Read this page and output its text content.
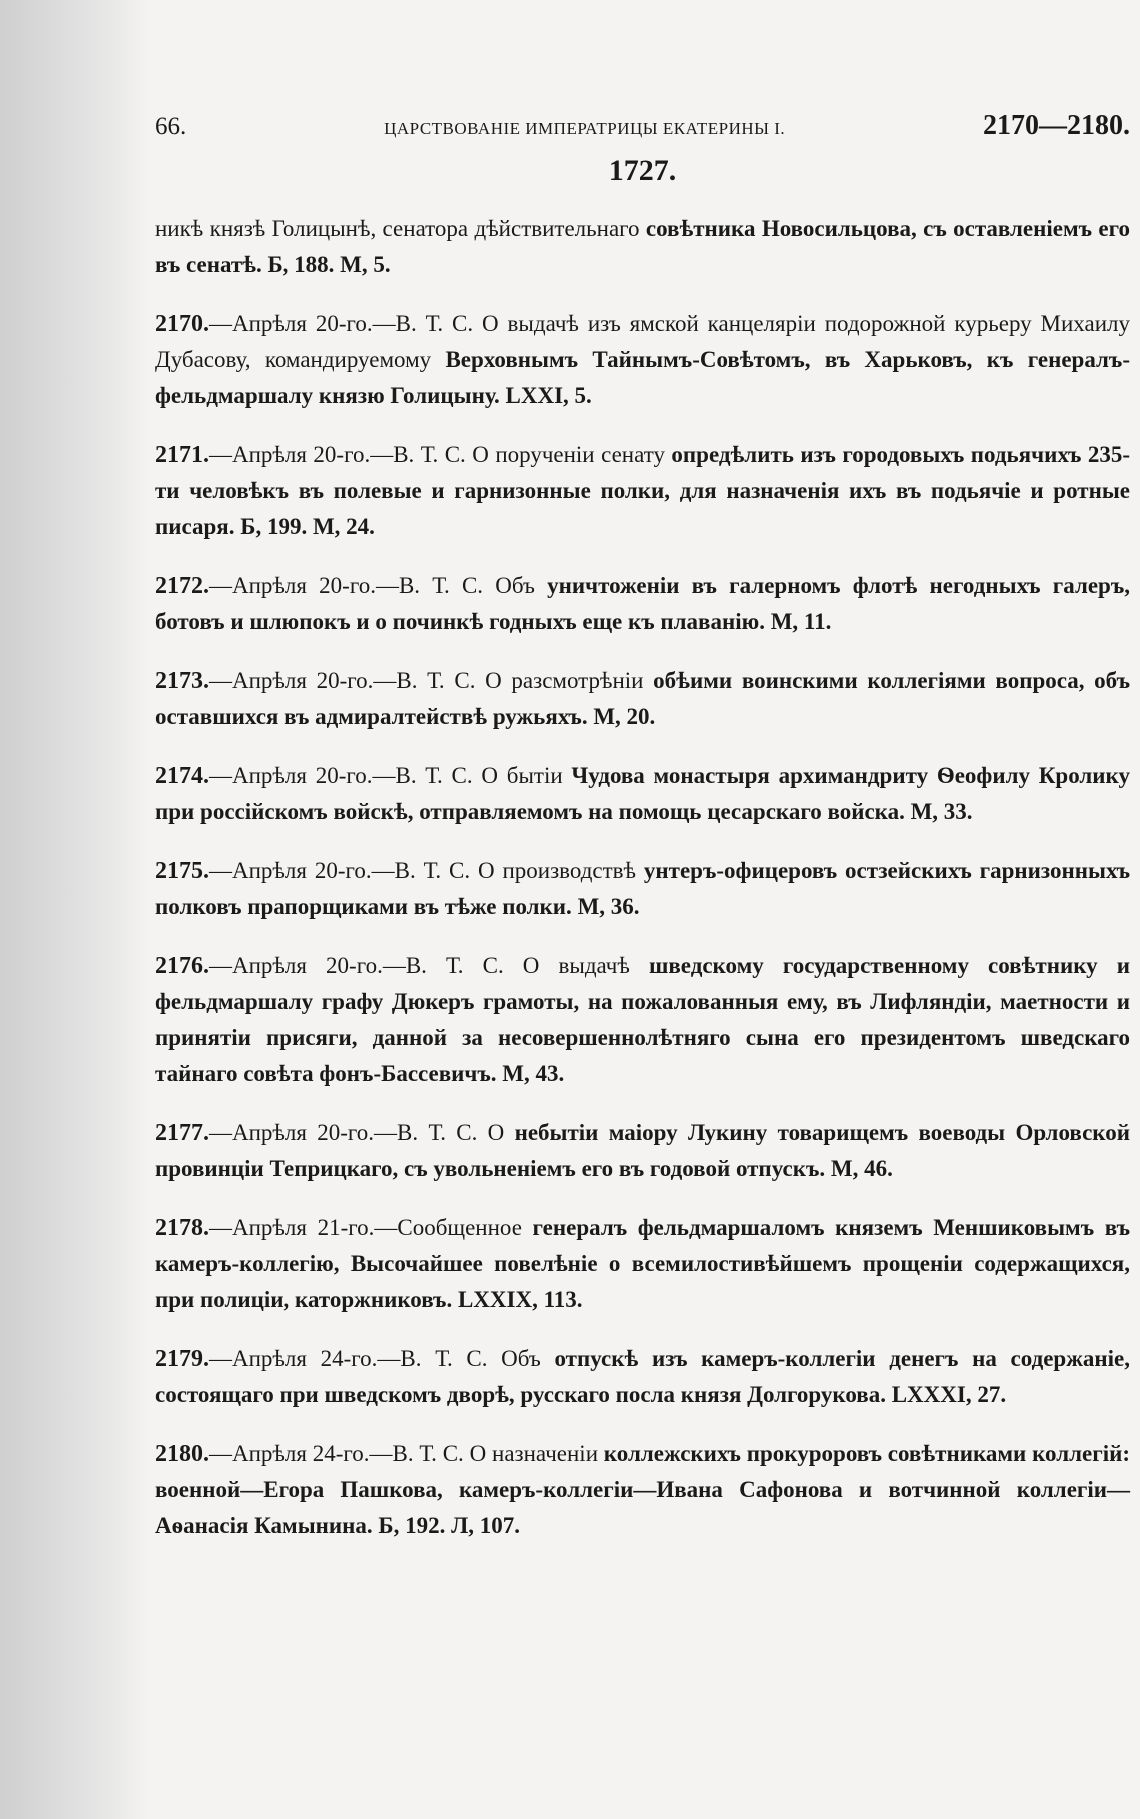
66.	ЦАРСТВОВАНІЕ ИМПЕРАТРИЦЫ ЕКАТЕРИНЫ I.	2170—2180.
1727.

никѣ князѣ Голицынѣ, сенатора дѣйствительнаго совѣтника Новосильцова, съ оставленіемъ его въ сенатѣ. Б, 188. М, 5.

2170.—Апрѣля 20-го.—В. Т. С. О выдачѣ изъ ямской канцеляріи подорожной курьеру Михаилу Дубасову, командируемому Верховнымъ Тайнымъ-Совѣтомъ, въ Харьковъ, къ генералъ-фельдмаршалу князю Голицыну. LXXI, 5.

2171.—Апрѣля 20-го.—В. Т. С. О порученіи сенату опредѣлить изъ городовыхъ подьячихъ 235-ти человѣкъ въ полевые и гарнизонные полки, для назначенія ихъ въ подьячіе и ротные писаря. Б, 199. М, 24.

2172.—Апрѣля 20-го.—В. Т. С. Объ уничтоженіи въ галерномъ флотѣ негодныхъ галеръ, ботовъ и шлюпокъ и о починкѣ годныхъ еще къ плаванію. М, 11.

2173.—Апрѣля 20-го.—В. Т. С. О разсмотрѣніи обѣими воинскими коллегіями вопроса, объ оставшихся въ адмиралтействѣ ружьяхъ. М, 20.

2174.—Апрѣля 20-го.—В. Т. С. О бытіи Чудова монастыря архимандриту Ѳеофилу Кролику при россійскомъ войскѣ, отправляемомъ на помощь цесарскаго войска. М, 33.

2175.—Апрѣля 20-го.—В. Т. С. О производствѣ унтеръ-офицеровъ остзейскихъ гарнизонныхъ полковъ прапорщиками въ тѣже полки. М, 36.

2176.—Апрѣля 20-го.—В. Т. С. О выдачѣ шведскому государственному совѣтнику и фельдмаршалу графу Дюкеръ грамоты, на пожалованныя ему, въ Лифляндіи, маетности и принятіи присяги, данной за несовершеннолѣтняго сына его президентомъ шведскаго тайнаго совѣта фонъ-Бассевичъ. М, 43.

2177.—Апрѣля 20-го.—В. Т. С. О небытіи маіору Лукину товарищемъ воеводы Орловской провинціи Теприцкаго, съ увольненіемъ его въ годовой отпускъ. М, 46.

2178.—Апрѣля 21-го.—Сообщенное генералъ фельдмаршаломъ княземъ Меншиковымъ въ камеръ-коллегію, Высочайшее повелѣніе о всемилостивѣйшемъ прощеніи содержащихся, при полиціи, каторжниковъ. LXXIX, 113.

2179.—Апрѣля 24-го.—В. Т. С. Объ отпускѣ изъ камеръ-коллегіи денегъ на содержаніе, состоящаго при шведскомъ дворѣ, русскаго посла князя Долгорукова. LXXXI, 27.

2180.—Апрѣля 24-го.—В. Т. С. О назначеніи коллежскихъ прокуроровъ совѣтниками коллегій: военной—Егора Пашкова, камеръ-коллегіи—Ивана Сафонова и вотчинной коллегіи—Аѳанасія Камынина. Б, 192. Л, 107.
